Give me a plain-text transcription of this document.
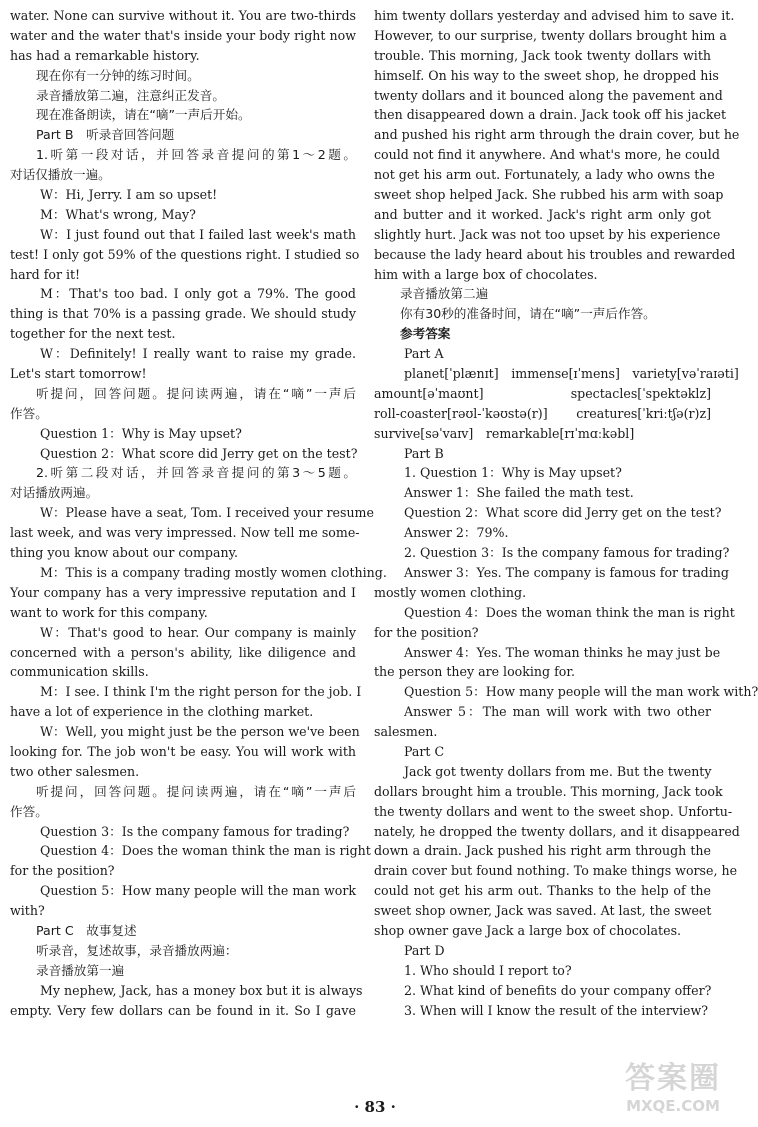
water. None can survive without it. You are two-thirds
water and the water that's inside your body right now
has had a remarkable history.
现在你有一分钟的练习时间。
录音播放第二遍，注意纠正发音。
现在准备朗读，请在“嘀”一声后开始。
Part B　听录音回答问题
1.听第一段对话，并回答录音提问的第1～2题。
对话仅播放一遍。
W：Hi, Jerry. I am so upset!
M：What's wrong, May?
W：I just found out that I failed last week's math
test! I only got 59% of the questions right. I studied so
hard for it!
M：That's too bad. I only got a 79%. The good
thing is that 70% is a passing grade. We should study
together for the next test.
W：Definitely! I really want to raise my grade.
Let's start tomorrow!
听提问，回答问题。提问读两遍，请在“嘀”一声后
作答。
Question 1：Why is May upset?
Question 2：What score did Jerry get on the test?
2.听第二段对话，并回答录音提问的第3～5题。
对话播放两遍。
W：Please have a seat, Tom. I received your resume
last week, and was very impressed. Now tell me some-
thing you know about our company.
M：This is a company trading mostly women clothing.
Your company has a very impressive reputation and I
want to work for this company.
W：That's good to hear. Our company is mainly
concerned with a person's ability, like diligence and
communication skills.
M：I see. I think I'm the right person for the job. I
have a lot of experience in the clothing market.
W：Well, you might just be the person we've been
looking for. The job won't be easy. You will work with
two other salesmen.
听提问，回答问题。提问读两遍，请在“嘀”一声后
作答。
Question 3：Is the company famous for trading?
Question 4：Does the woman think the man is right
for the position?
Question 5：How many people will the man work
with?
Part C　故事复述
听录音，复述故事，录音播放两遍：
录音播放第一遍
My nephew, Jack, has a money box but it is always
empty. Very few dollars can be found in it. So I gave
him twenty dollars yesterday and advised him to save it.
However, to our surprise, twenty dollars brought him a
trouble. This morning, Jack took twenty dollars with
himself. On his way to the sweet shop, he dropped his
twenty dollars and it bounced along the pavement and
then disappeared down a drain. Jack took off his jacket
and pushed his right arm through the drain cover, but he
could not find it anywhere. And what's more, he could
not get his arm out. Fortunately, a lady who owns the
sweet shop helped Jack. She rubbed his arm with soap
and butter and it worked. Jack's right arm only got
slightly hurt. Jack was not too upset by his experience
because the lady heard about his troubles and rewarded
him with a large box of chocolates.
录音播放第二遍
你有30秒的准备时间，请在“嘀”一声后作答。
参考答案
Part A
planet[ˈplænɪt]　immense[ɪˈmens]　variety[vəˈraɪəti]
amount[əˈmaʊnt]　spectacles[ˈspektəklz]
roll-coaster[rəʊl-ˈkəʊstə(r)]　creatures[ˈkriːtʃə(r)z]
survive[səˈvaɪv]　remarkable[rɪˈmɑːkəbl]
Part B
1. Question 1：Why is May upset?
Answer 1：She failed the math test.
Question 2：What score did Jerry get on the test?
Answer 2：79%.
2. Question 3：Is the company famous for trading?
Answer 3：Yes. The company is famous for trading
mostly women clothing.
Question 4：Does the woman think the man is right
for the position?
Answer 4：Yes. The woman thinks he may just be
the person they are looking for.
Question 5：How many people will the man work with?
Answer 5：The man will work with two other
salesmen.
Part C
Jack got twenty dollars from me. But the twenty
dollars brought him a trouble. This morning, Jack took
the twenty dollars and went to the sweet shop. Unfortu-
nately, he dropped the twenty dollars, and it disappeared
down a drain. Jack pushed his right arm through the
drain cover but found nothing. To make things worse, he
could not get his arm out. Thanks to the help of the
sweet shop owner, Jack was saved. At last, the sweet
shop owner gave Jack a large box of chocolates.
Part D
1. Who should I report to?
2. What kind of benefits do your company offer?
3. When will I know the result of the interview?
· 83 ·
答案圈
MXQE.COM
